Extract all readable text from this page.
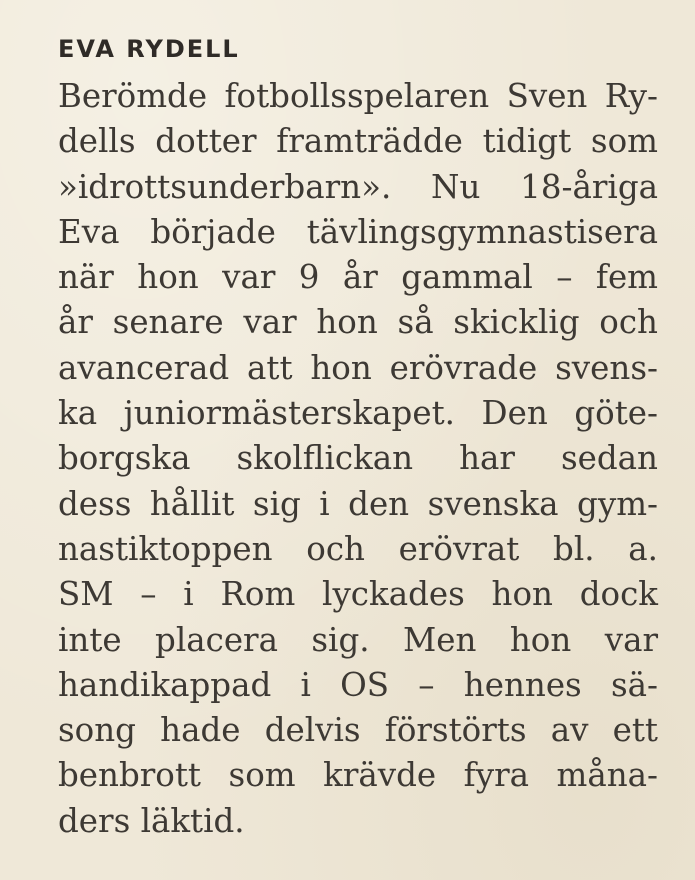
EVA RYDELL
Berömde fotbollsspelaren Sven Ry-
dells dotter framträdde tidigt som
»idrottsunderbarn». Nu 18-åriga
Eva började tävlingsgymnastisera
när hon var 9 år gammal – fem
år senare var hon så skicklig och
avancerad att hon erövrade svens-
ka juniormästerskapet. Den göte-
borgska skolflickan har sedan
dess hållit sig i den svenska gym-
nastiktoppen och erövrat bl. a.
SM – i Rom lyckades hon dock
inte placera sig. Men hon var
handikappad i OS – hennes sä-
song hade delvis förstörts av ett
benbrott som krävde fyra måna-
ders läktid.
